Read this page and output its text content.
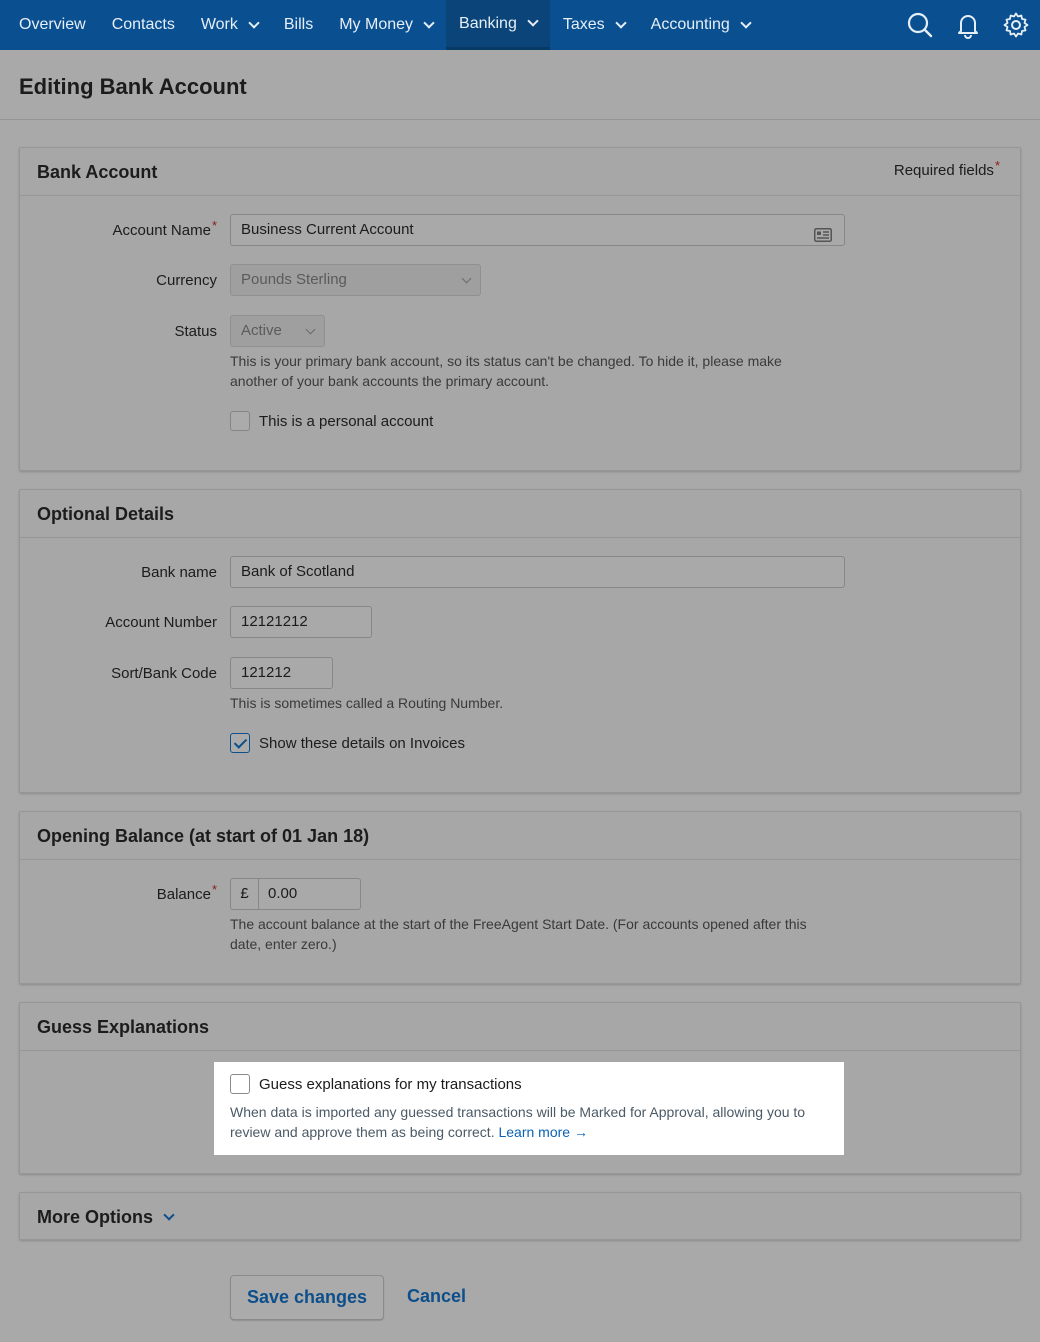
Overview Contacts Work	Bills My Money	Banking	Taxes	Accounting
Editing Bank Account
Bank Account	Required fields*
Account Name*	Business Current Account
Currency	Pounds Sterling
Status	Active
This is your primary bank account, so its status can't be changed. To hide it, please make another of your bank accounts the primary account.
This is a personal account
Optional Details
Bank name	Bank of Scotland
Account Number	12121212
Sort/Bank Code	121212
This is sometimes called a Routing Number.
Show these details on Invoices
Opening Balance (at start of 01 Jan 18)
Balance*	£	0.00
The account balance at the start of the FreeAgent Start Date. (For accounts opened after this date, enter zero.)
Guess Explanations
Guess explanations for my transactions
When data is imported any guessed transactions will be Marked for Approval, allowing you to review and approve them as being correct. Learn more →
More Options
Save changes	Cancel
